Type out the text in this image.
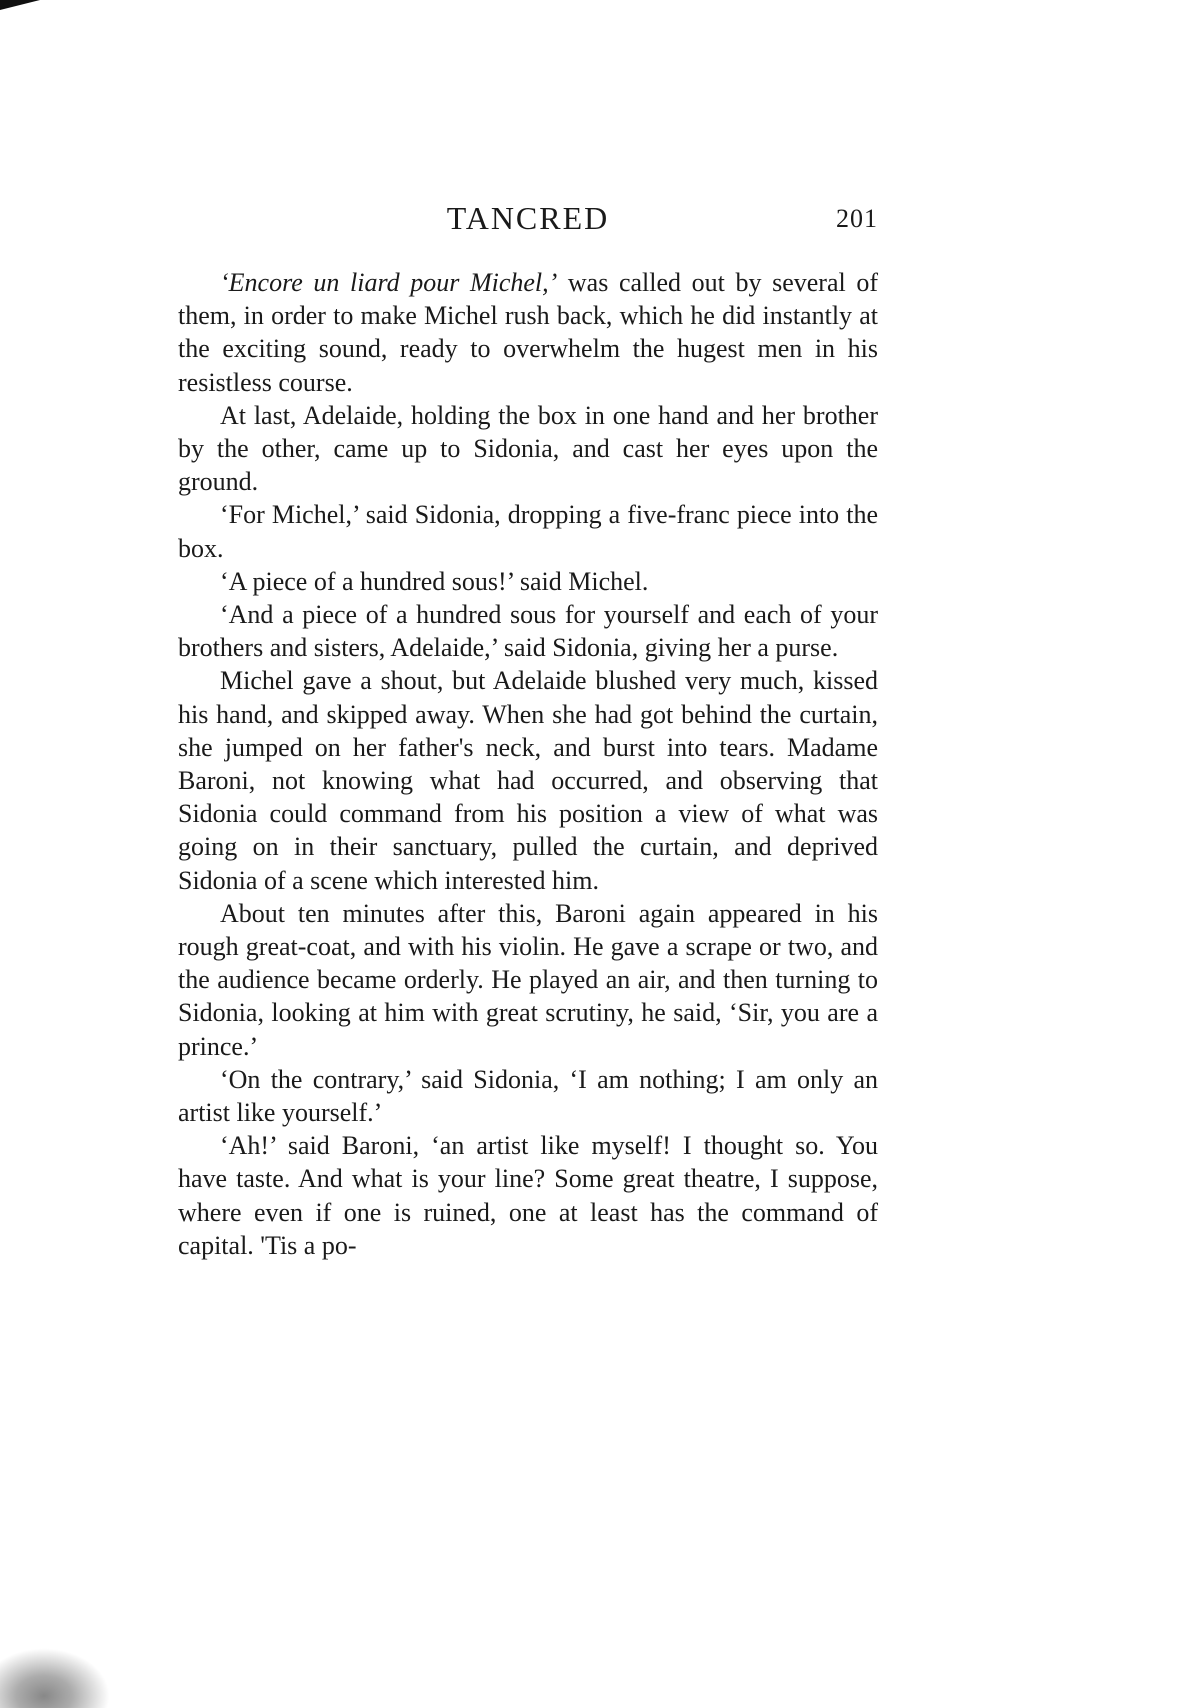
TANCRED	201

‘Encore un liard pour Michel,’ was called out by several of them, in order to make Michel rush back, which he did instantly at the exciting sound, ready to overwhelm the hugest men in his resistless course.

At last, Adelaide, holding the box in one hand and her brother by the other, came up to Sidonia, and cast her eyes upon the ground.

‘For Michel,’ said Sidonia, dropping a five-franc piece into the box.

‘A piece of a hundred sous!’ said Michel.

‘And a piece of a hundred sous for yourself and each of your brothers and sisters, Adelaide,’ said Sidonia, giving her a purse.

Michel gave a shout, but Adelaide blushed very much, kissed his hand, and skipped away. When she had got behind the curtain, she jumped on her father's neck, and burst into tears. Madame Baroni, not knowing what had occurred, and observing that Sidonia could command from his position a view of what was going on in their sanctuary, pulled the curtain, and deprived Sidonia of a scene which interested him.

About ten minutes after this, Baroni again appeared in his rough great-coat, and with his violin. He gave a scrape or two, and the audience became orderly. He played an air, and then turning to Sidonia, looking at him with great scrutiny, he said, ‘Sir, you are a prince.’

‘On the contrary,’ said Sidonia, ‘I am nothing; I am only an artist like yourself.’

‘Ah!’ said Baroni, ‘an artist like myself! I thought so. You have taste. And what is your line? Some great theatre, I suppose, where even if one is ruined, one at least has the command of capital. 'Tis a po-
